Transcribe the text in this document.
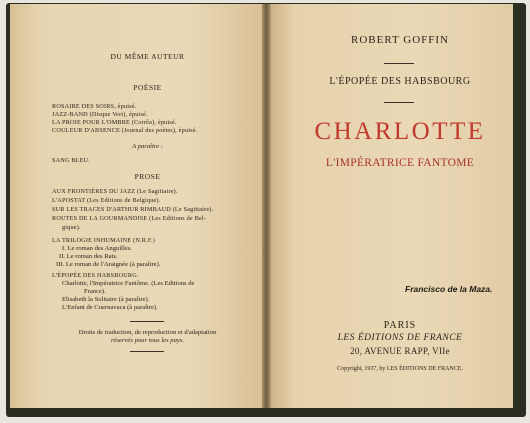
DU MÊME AUTEUR
POÉSIE
ROSAIRE DES SOIRS, épuisé.
JAZZ-BAND (Disque Vert), épuisé.
LA PROIE POUR L'OMBRE (Corrêa), épuisé.
COULEUR D'ABSENCE (Journal des poètes), épuisé.
A paraître :
SANG BLEU.
PROSE
AUX FRONTIÈRES DU JAZZ (Le Sagittaire).
L'APOSTAT (Les Editions de Belgique).
SUR LES TRACES D'ARTHUR RIMBAUD (Le Sagittaire).
ROUTES DE LA GOURMANDISE (Les Editions de Bel-
gique).
LA TRILOGIE INHUMAINE (N.R.F.)
I. Le roman des Anguilles.
II. Le roman des Rats.
III. Le roman de l'Araignée (à paraître).
L'ÉPOPÉE DES HABSBOURG.
Charlotte, l'Impératrice Fantôme. (Les Editions de
France).
Elisabeth la Solitaire (à paraître).
L'Enfant de Cuernavaca (à paraître).
Droits de traduction, de reproduction et d'adaptation
réservés pour tous les pays.
ROBERT GOFFIN
L'ÉPOPÉE DES HABSBOURG
CHARLOTTE
L'IMPÉRATRICE FANTOME
Francisco de la Maza.
PARIS
LES ÉDITIONS DE FRANCE
20, AVENUE RAPP, VIIe
Copyright, 1937, by LES ÉDITIONS DE FRANCE.
